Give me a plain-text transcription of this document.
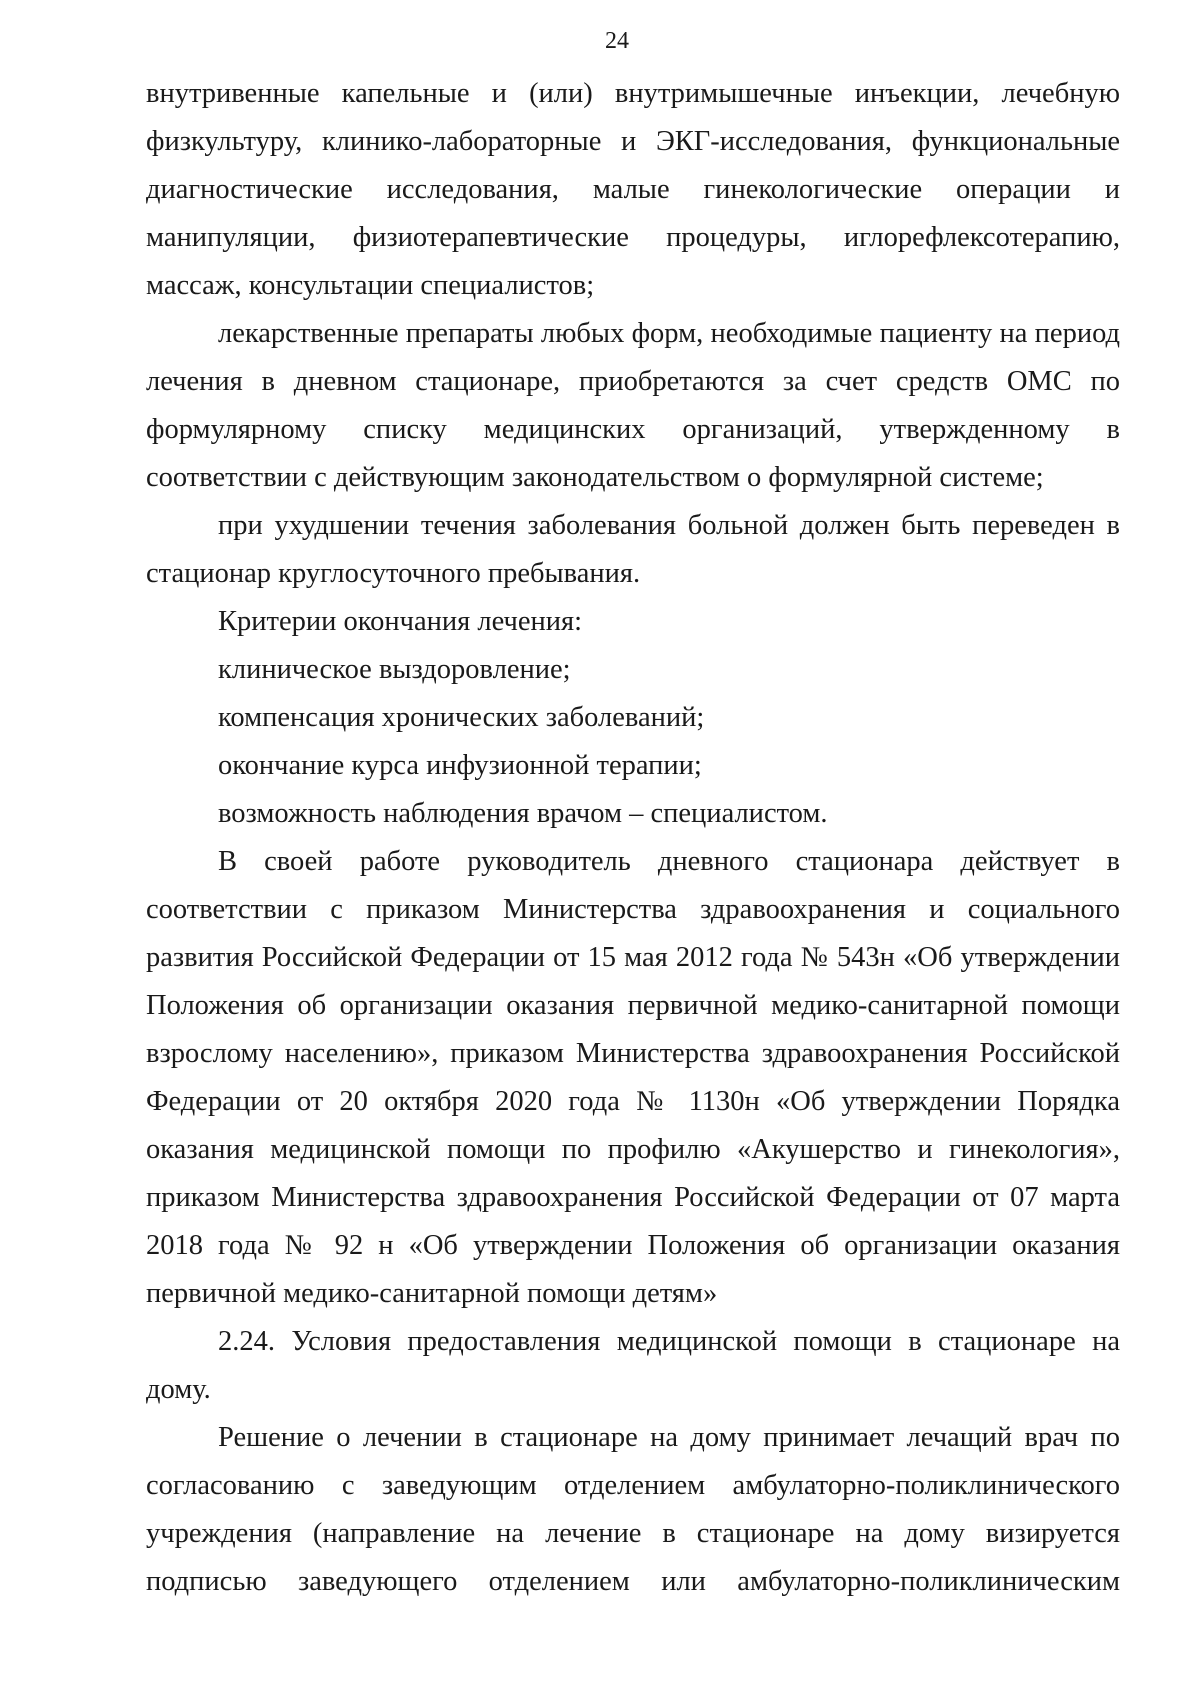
24

внутривенные капельные и (или) внутримышечные инъекции, лечебную физкультуру, клинико-лабораторные и ЭКГ-исследования, функциональные диагностические исследования, малые гинекологические операции и манипуляции, физиотерапевтические процедуры, иглорефлексотерапию, массаж, консультации специалистов;

лекарственные препараты любых форм, необходимые пациенту на период лечения в дневном стационаре, приобретаются за счет средств ОМС по формулярному списку медицинских организаций, утвержденному в соответствии с действующим законодательством о формулярной системе;

при ухудшении течения заболевания больной должен быть переведен в стационар круглосуточного пребывания.

Критерии окончания лечения:

клиническое выздоровление;

компенсация хронических заболеваний;

окончание курса инфузионной терапии;

возможность наблюдения врачом – специалистом.

В своей работе руководитель дневного стационара действует в соответствии с приказом Министерства здравоохранения и социального развития Российской Федерации от 15 мая 2012 года № 543н «Об утверждении Положения об организации оказания первичной медико-санитарной помощи взрослому населению», приказом Министерства здравоохранения Российской Федерации от 20 октября 2020 года № 1130н «Об утверждении Порядка оказания медицинской помощи по профилю «Акушерство и гинекология», приказом Министерства здравоохранения Российской Федерации от 07 марта 2018 года № 92 н «Об утверждении Положения об организации оказания первичной медико-санитарной помощи детям»

2.24. Условия предоставления медицинской помощи в стационаре на дому.

Решение о лечении в стационаре на дому принимает лечащий врач по согласованию с заведующим отделением амбулаторно-поликлинического учреждения (направление на лечение в стационаре на дому визируется подписью заведующего отделением или амбулаторно-поликлиническим
